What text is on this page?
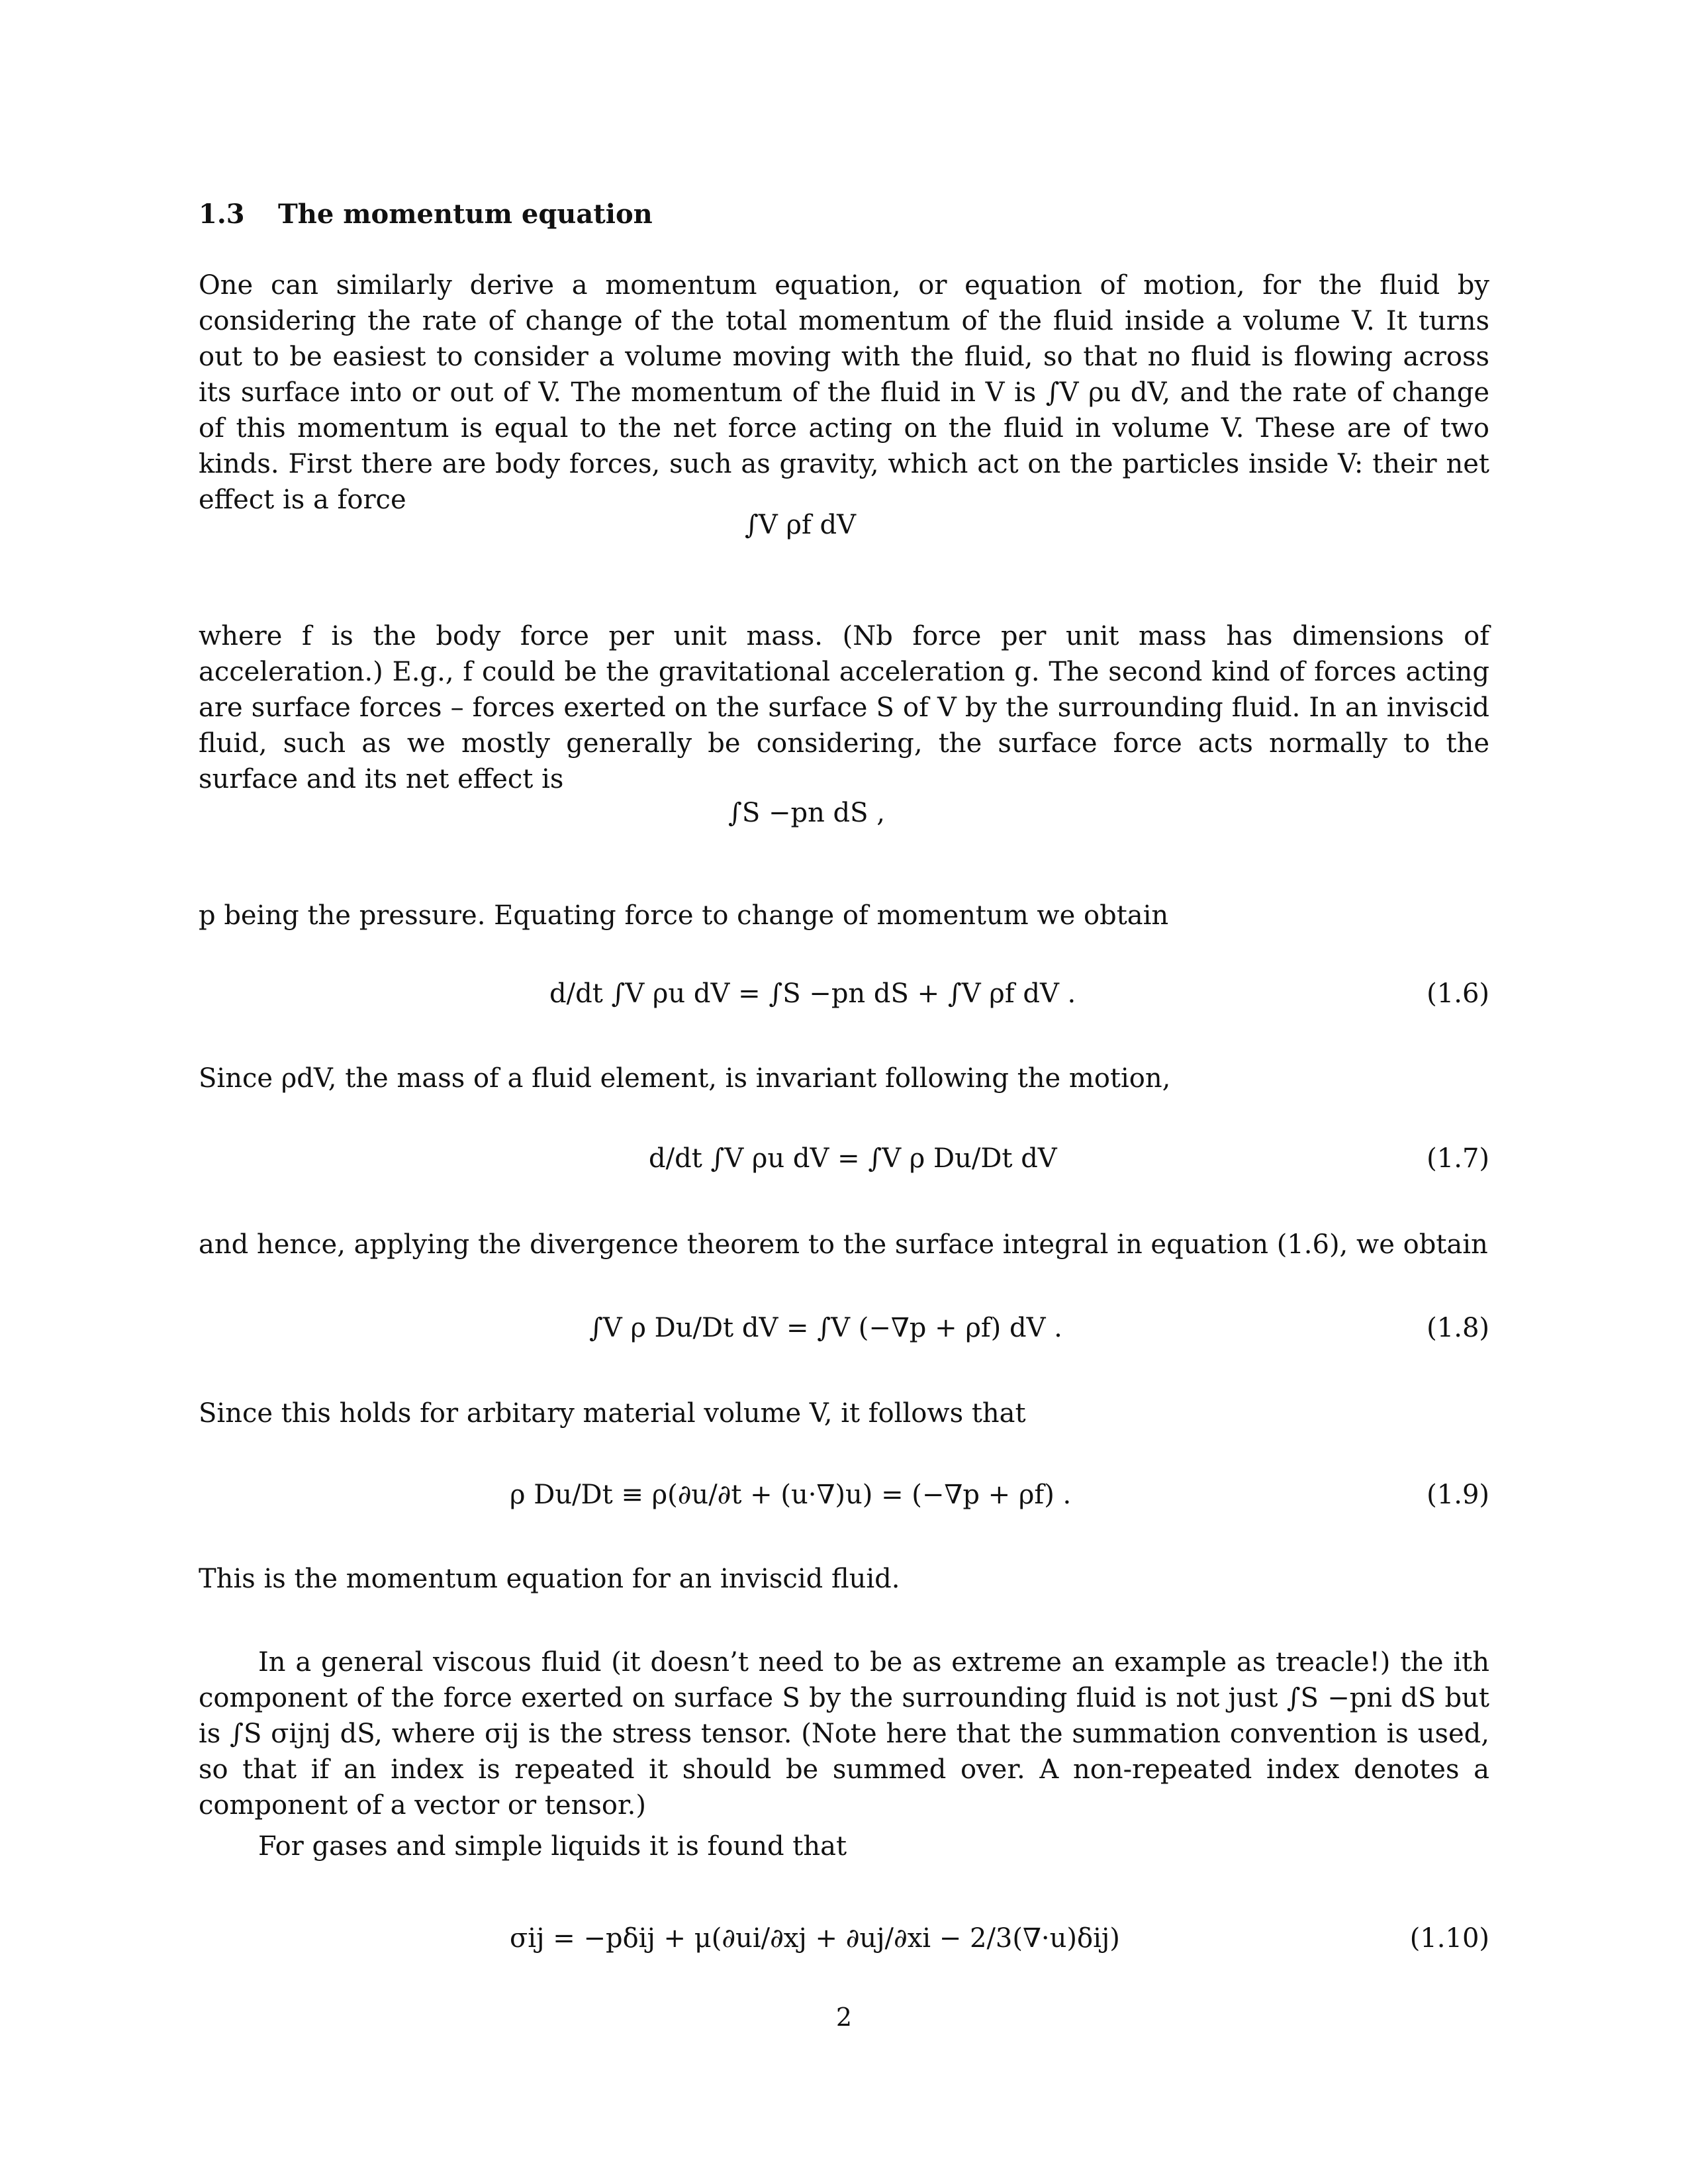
1.3 The momentum equation
One can similarly derive a momentum equation, or equation of motion, for the fluid by considering the rate of change of the total momentum of the fluid inside a volume V. It turns out to be easiest to consider a volume moving with the fluid, so that no fluid is flowing across its surface into or out of V. The momentum of the fluid in V is ∫V ρu dV, and the rate of change of this momentum is equal to the net force acting on the fluid in volume V. These are of two kinds. First there are body forces, such as gravity, which act on the particles inside V: their net effect is a force
∫V ρf dV
where f is the body force per unit mass. (Nb force per unit mass has dimensions of acceleration.) E.g., f could be the gravitational acceleration g. The second kind of forces acting are surface forces – forces exerted on the surface S of V by the surrounding fluid. In an inviscid fluid, such as we mostly generally be considering, the surface force acts normally to the surface and its net effect is
∫S −pn dS ,
p being the pressure. Equating force to change of momentum we obtain
d/dt ∫V ρu dV = ∫S −pn dS + ∫V ρf dV .	(1.6)
Since ρdV, the mass of a fluid element, is invariant following the motion,
d/dt ∫V ρu dV = ∫V ρ Du/Dt dV	(1.7)
and hence, applying the divergence theorem to the surface integral in equation (1.6), we obtain
∫V ρ Du/Dt dV = ∫V (−∇p + ρf) dV .	(1.8)
Since this holds for arbitary material volume V, it follows that
ρ Du/Dt ≡ ρ(∂u/∂t + (u·∇)u) = (−∇p + ρf) .	(1.9)
This is the momentum equation for an inviscid fluid.
In a general viscous fluid (it doesn’t need to be as extreme an example as treacle!) the ith component of the force exerted on surface S by the surrounding fluid is not just ∫S −pni dS but is ∫S σijnj dS, where σij is the stress tensor. (Note here that the summation convention is used, so that if an index is repeated it should be summed over. A non-repeated index denotes a component of a vector or tensor.)
For gases and simple liquids it is found that
σij = −pδij + μ(∂ui/∂xj + ∂uj/∂xi − 2/3(∇·u)δij)	(1.10)
2
